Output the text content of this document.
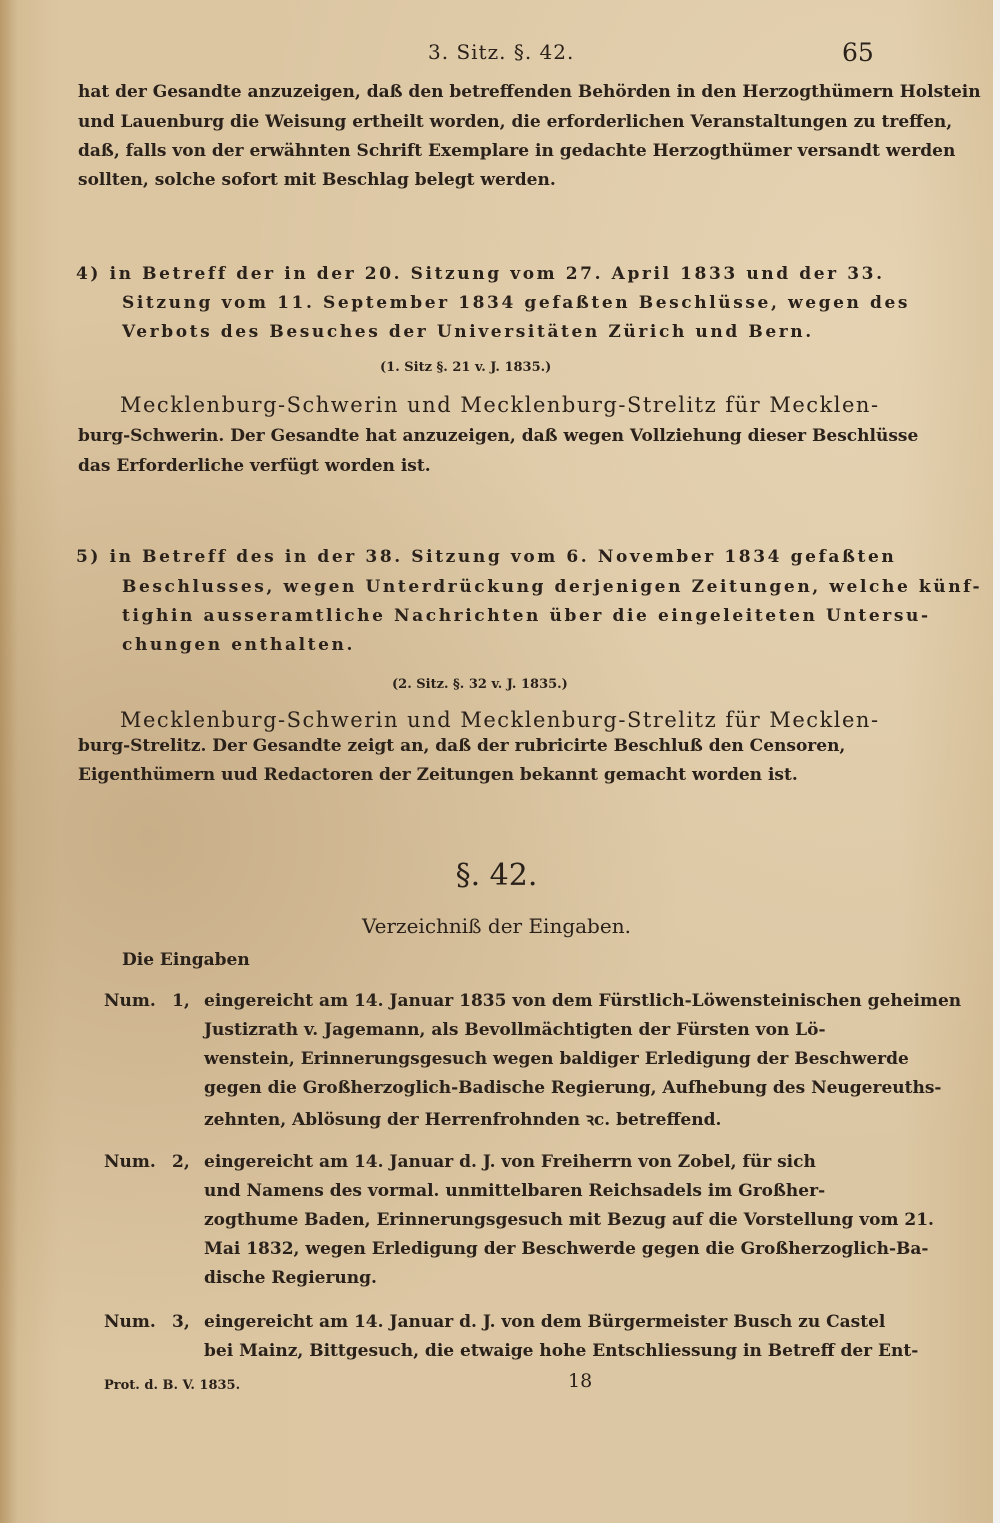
3. Sitz. §. 42.	65
hat der Gesandte anzuzeigen, daß den betreffenden Behörden in den Herzogthümern Holstein
und Lauenburg die Weisung ertheilt worden, die erforderlichen Veranstaltungen zu treffen,
daß, falls von der erwähnten Schrift Exemplare in gedachte Herzogthümer versandt werden
sollten, solche sofort mit Beschlag belegt werden.
4) in Betreff der in der 20. Sitzung vom 27. April 1833 und der 33.
Sitzung vom 11. September 1834 gefaßten Beschlüsse, wegen des
Verbots des Besuches der Universitäten Zürich und Bern.
(1. Sitz §. 21 v. J. 1835.)
Mecklenburg-Schwerin und Mecklenburg-Strelitz für Mecklen-
burg-Schwerin. Der Gesandte hat anzuzeigen, daß wegen Vollziehung dieser Beschlüsse
das Erforderliche verfügt worden ist.
5) in Betreff des in der 38. Sitzung vom 6. November 1834 gefaßten
Beschlusses, wegen Unterdrückung derjenigen Zeitungen, welche künf-
tighin ausseramtliche Nachrichten über die eingeleiteten Untersu-
chungen enthalten.
(2. Sitz. §. 32 v. J. 1835.)
Mecklenburg-Schwerin und Mecklenburg-Strelitz für Mecklen-
burg-Strelitz. Der Gesandte zeigt an, daß der rubricirte Beschluß den Censoren,
Eigenthümern uud Redactoren der Zeitungen bekannt gemacht worden ist.
§. 42.
Verzeichniß der Eingaben.
Die Eingaben
Num. 1, eingereicht am 14. Januar 1835 von dem Fürstlich-Löwensteinischen geheimen
Justizrath v. Jagemann, als Bevollmächtigten der Fürsten von Lö-
wenstein, Erinnerungsgesuch wegen baldiger Erledigung der Beschwerde
gegen die Großherzoglich-Badische Regierung, Aufhebung des Neugereuths-
zehnten, Ablösung der Herrenfrohnden ꝛc. betreffend.
Num. 2, eingereicht am 14. Januar d. J. von Freiherrn von Zobel, für sich
und Namens des vormal. unmittelbaren Reichsadels im Großher-
zogthume Baden, Erinnerungsgesuch mit Bezug auf die Vorstellung vom 21.
Mai 1832, wegen Erledigung der Beschwerde gegen die Großherzoglich-Ba-
dische Regierung.
Num. 3, eingereicht am 14. Januar d. J. von dem Bürgermeister Busch zu Castel
bei Mainz, Bittgesuch, die etwaige hohe Entschliessung in Betreff der Ent-
Prot. d. B. V. 1835.	18
